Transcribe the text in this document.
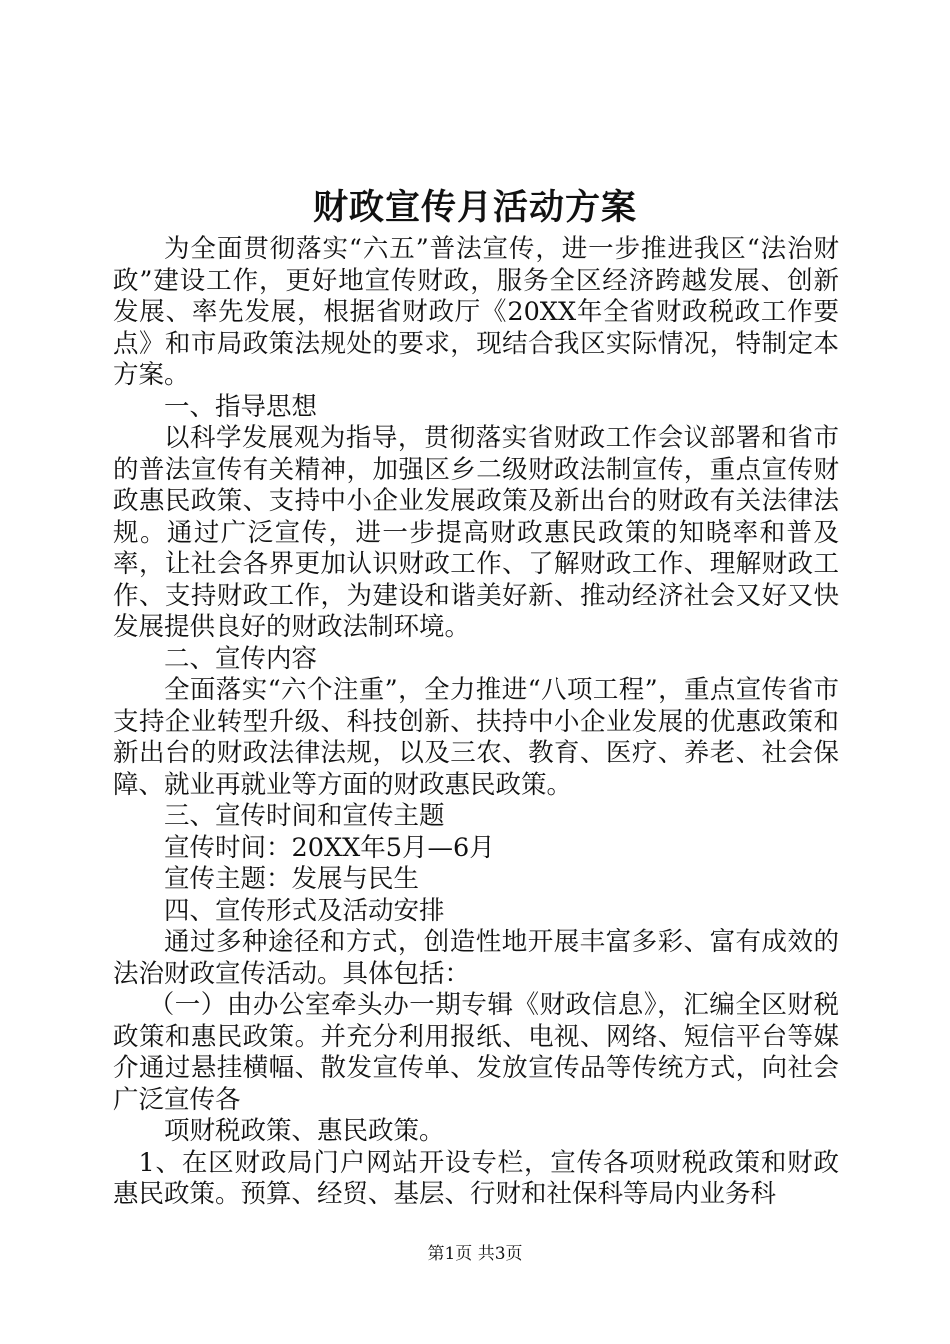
财政宣传月活动方案

为全面贯彻落实“六五”普法宣传，进一步推进我区“法治财政”建设工作，更好地宣传财政，服务全区经济跨越发展、创新发展、率先发展，根据省财政厅《20XX年全省财政税政工作要点》和市局政策法规处的要求，现结合我区实际情况，特制定本方案。

一、指导思想

以科学发展观为指导，贯彻落实省财政工作会议部署和省市的普法宣传有关精神，加强区乡二级财政法制宣传，重点宣传财政惠民政策、支持中小企业发展政策及新出台的财政有关法律法规。通过广泛宣传，进一步提高财政惠民政策的知晓率和普及率，让社会各界更加认识财政工作、了解财政工作、理解财政工作、支持财政工作，为建设和谐美好新、推动经济社会又好又快发展提供良好的财政法制环境。

二、宣传内容

全面落实“六个注重”，全力推进“八项工程”，重点宣传省市支持企业转型升级、科技创新、扶持中小企业发展的优惠政策和新出台的财政法律法规，以及三农、教育、医疗、养老、社会保障、就业再就业等方面的财政惠民政策。

三、宣传时间和宣传主题

宣传时间：20XX年5月—6月

宣传主题：发展与民生

四、宣传形式及活动安排

通过多种途径和方式，创造性地开展丰富多彩、富有成效的法治财政宣传活动。具体包括：

（一）由办公室牵头办一期专辑《财政信息》，汇编全区财税政策和惠民政策。并充分利用报纸、电视、网络、短信平台等媒介通过悬挂横幅、散发宣传单、发放宣传品等传统方式，向社会广泛宣传各

项财税政策、惠民政策。

1、在区财政局门户网站开设专栏，宣传各项财税政策和财政惠民政策。预算、经贸、基层、行财和社保科等局内业务科

第1页 共3页
